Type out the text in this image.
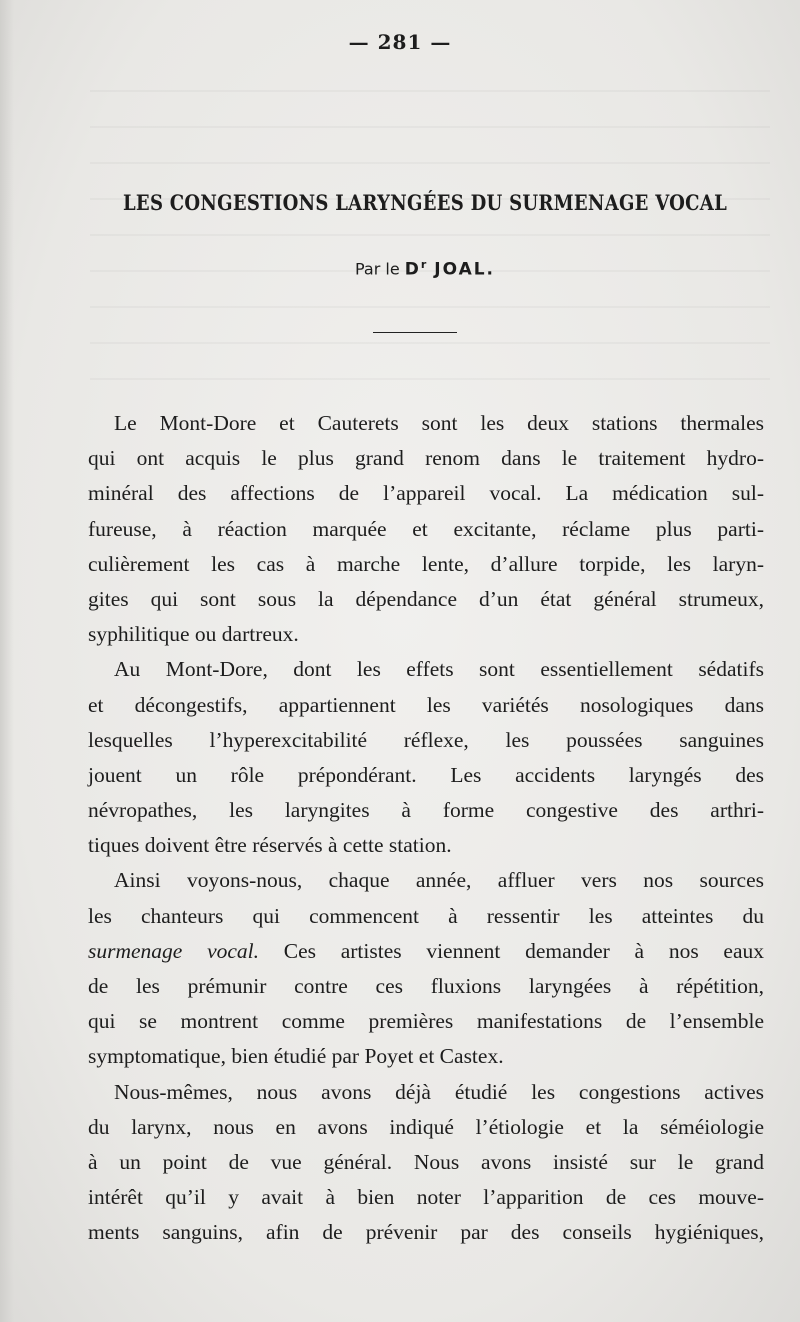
— 281 —
LES CONGESTIONS LARYNGÉES DU SURMENAGE VOCAL
Par le $D^r$ JOAL.
Le Mont-Dore et Cauterets sont les deux stations thermales
qui ont acquis le plus grand renom dans le traitement hydro-
minéral des affections de l’appareil vocal. La médication sul-
fureuse, à réaction marquée et excitante, réclame plus parti-
culièrement les cas à marche lente, d’allure torpide, les laryn-
gites qui sont sous la dépendance d’un état général strumeux,
syphilitique ou dartreux.
Au Mont-Dore, dont les effets sont essentiellement sédatifs
et décongestifs, appartiennent les variétés nosologiques dans
lesquelles l’hyperexcitabilité réflexe, les poussées sanguines
jouent un rôle prépondérant. Les accidents laryngés des
névropathes, les laryngites à forme congestive des arthri-
tiques doivent être réservés à cette station.
Ainsi voyons-nous, chaque année, affluer vers nos sources
les chanteurs qui commencent à ressentir les atteintes du
surmenage vocal. Ces artistes viennent demander à nos eaux
de les prémunir contre ces fluxions laryngées à répétition,
qui se montrent comme premières manifestations de l’ensemble
symptomatique, bien étudié par Poyet et Castex.
Nous-mêmes, nous avons déjà étudié les congestions actives
du larynx, nous en avons indiqué l’étiologie et la séméiologie
à un point de vue général. Nous avons insisté sur le grand
intérêt qu’il y avait à bien noter l’apparition de ces mouve-
ments sanguins, afin de prévenir par des conseils hygiéniques,
